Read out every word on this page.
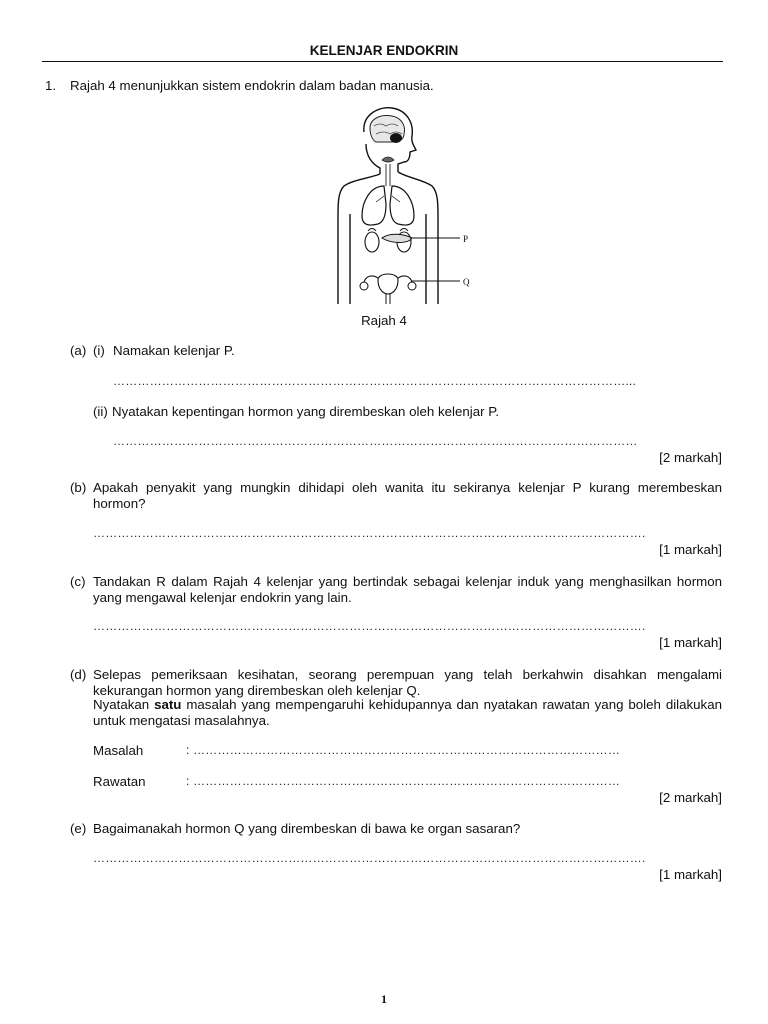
KELENJAR ENDOKRIN
1. Rajah 4 menunjukkan sistem endokrin dalam badan manusia.
P
Q
Rajah 4
(a) (i) Namakan kelenjar P.
………………………………………………………………………………………………………………...
(ii) Nyatakan kepentingan hormon yang dirembeskan oleh kelenjar P.
…………………………………………………………………………………………………………………
[2 markah]
(b) Apakah penyakit yang mungkin dihidapi oleh wanita itu sekiranya kelenjar P kurang merembeskan hormon?
……………………………………………………………………………………………………………………….
[1 markah]
(c) Tandakan R dalam Rajah 4 kelenjar yang bertindak sebagai kelenjar induk yang menghasilkan hormon yang mengawal kelenjar endokrin yang lain.
……………………………………………………………………………………………………………………….
[1 markah]
(d) Selepas pemeriksaan kesihatan, seorang perempuan yang telah berkahwin disahkan mengalami kekurangan hormon yang dirembeskan oleh kelenjar Q.
Nyatakan satu masalah yang mempengaruhi kehidupannya dan nyatakan rawatan yang boleh dilakukan untuk mengatasi masalahnya.
Masalah	: ……………………………………………………………………………………………
Rawatan	: ……………………………………………………………………………………………
[2 markah]
(e) Bagaimanakah hormon Q yang dirembeskan di bawa ke organ sasaran?
……………………………………………………………………………………………………………………….
[1 markah]
1
